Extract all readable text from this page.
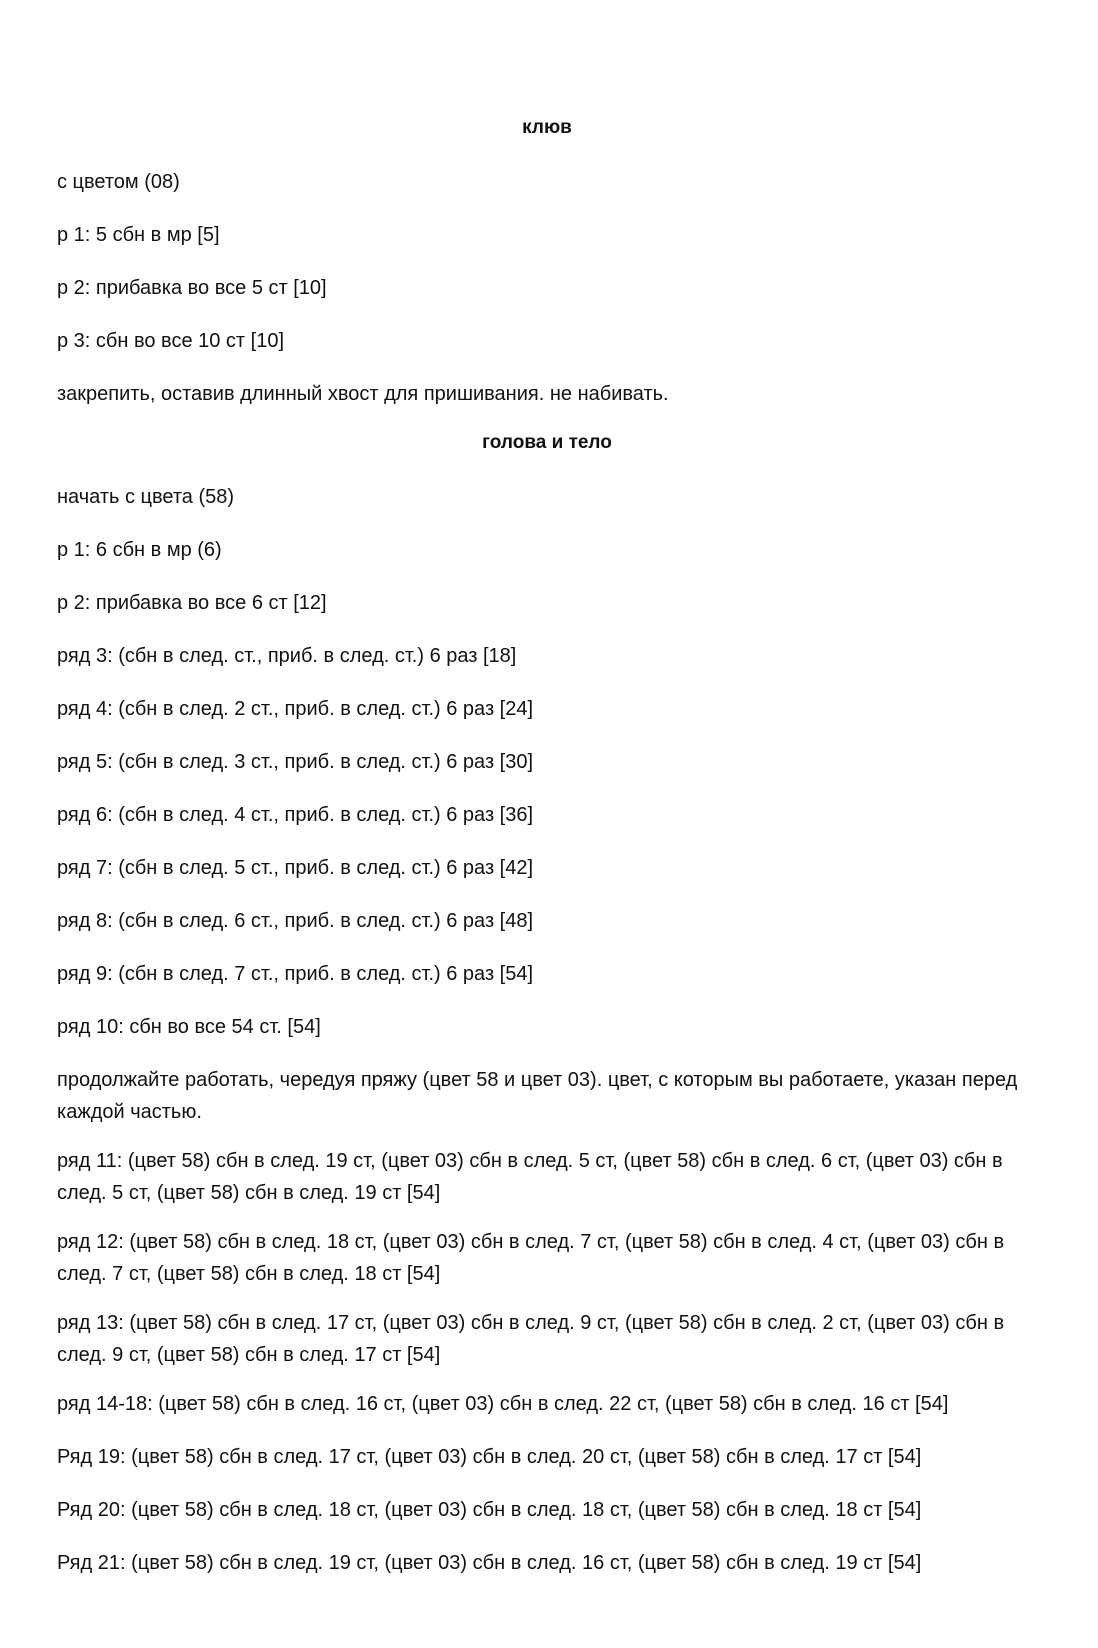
клюв
с цветом (08)
р 1: 5 сбн в мр [5]
р 2: прибавка во все 5 ст [10]
р 3: сбн во все 10 ст [10]
закрепить, оставив длинный хвост для пришивания. не набивать.
голова и тело
начать с цвета (58)
р 1: 6 сбн в мр (6)
р 2: прибавка во все 6 ст [12]
ряд 3: (сбн в след. ст., приб. в след. ст.) 6 раз [18]
ряд 4: (сбн в след. 2 ст., приб. в след. ст.) 6 раз [24]
ряд 5: (сбн в след. 3 ст., приб. в след. ст.) 6 раз [30]
ряд 6: (сбн в след. 4 ст., приб. в след. ст.) 6 раз [36]
ряд 7: (сбн в след. 5 ст., приб. в след. ст.) 6 раз [42]
ряд 8: (сбн в след. 6 ст., приб. в след. ст.) 6 раз [48]
ряд 9: (сбн в след. 7 ст., приб. в след. ст.) 6 раз [54]
ряд 10: сбн во все 54 ст. [54]
продолжайте работать, чередуя пряжу (цвет 58 и цвет 03). цвет, с которым вы работаете, указан перед каждой частью.
ряд 11: (цвет 58) сбн в след. 19 ст, (цвет 03) сбн в след. 5 ст, (цвет 58) сбн в след. 6 ст, (цвет 03) сбн в след. 5 ст, (цвет 58) сбн в след. 19 ст [54]
ряд 12: (цвет 58) сбн в след. 18 ст, (цвет 03) сбн в след. 7 ст, (цвет 58) сбн в след. 4 ст, (цвет 03) сбн в след. 7 ст, (цвет 58) сбн в след. 18 ст [54]
ряд 13: (цвет 58) сбн в след. 17 ст, (цвет 03) сбн в след. 9 ст, (цвет 58) сбн в след. 2 ст, (цвет 03) сбн в след. 9 ст, (цвет 58) сбн в след. 17 ст [54]
ряд 14-18: (цвет 58) сбн в след. 16 ст, (цвет 03) сбн в след. 22 ст, (цвет 58) сбн в след. 16 ст [54]
Ряд 19: (цвет 58) сбн в след. 17 ст, (цвет 03) сбн в след. 20 ст, (цвет 58) сбн в след. 17 ст [54]
Ряд 20: (цвет 58) сбн в след. 18 ст, (цвет 03) сбн в след. 18 ст, (цвет 58) сбн в след. 18 ст [54]
Ряд 21: (цвет 58) сбн в след. 19 ст, (цвет 03) сбн в след. 16 ст, (цвет 58) сбн в след. 19 ст [54]
